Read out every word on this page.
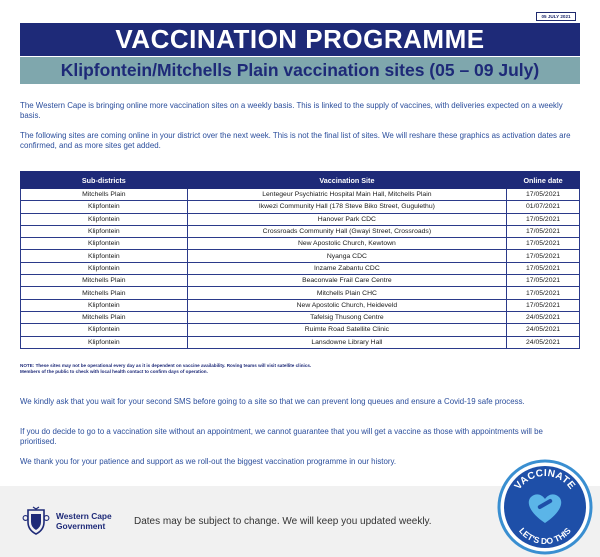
05 JULY 2021
VACCINATION PROGRAMME
Klipfontein/Mitchells Plain vaccination sites (05 – 09 July)
The Western Cape is bringing online more vaccination sites on a weekly basis. This is linked to the supply of vaccines, with deliveries expected on a weekly basis.
The following sites are coming online in your district over the next week. This is not the final list of sites. We will reshare these graphics as activation dates are confirmed, and as more sites get added.
Sub-districts	Vaccination Site	Online date
Mitchells Plain	Lentegeur Psychiatric Hospital Main Hall, Mitchells Plain	17/05/2021
Klipfontein	Ikwezi Community Hall (178 Steve Biko Street, Gugulethu)	01/07/2021
Klipfontein	Hanover Park CDC	17/05/2021
Klipfontein	Crossroads Community Hall (Gwayi Street, Crossroads)	17/05/2021
Klipfontein	New Apostolic Church, Kewtown	17/05/2021
Klipfontein	Nyanga CDC	17/05/2021
Klipfontein	Inzame Zabantu CDC	17/05/2021
Mitchells Plain	Beaconvale Frail Care Centre	17/05/2021
Mitchells Plain	Mitchells Plain CHC	17/05/2021
Klipfontein	New Apostolic Church, Heideveld	17/05/2021
Mitchells Plain	Tafelsig Thusong Centre	24/05/2021
Klipfontein	Ruimte Road Satellite Clinic	24/05/2021
Klipfontein	Lansdowne Library Hall	24/05/2021
NOTE: These sites may not be operational every day as it is dependent on vaccine availability. Roving teams will visit satellite clinics.
Members of the public to check with local health contact to confirm days of operation.
We kindly ask that you wait for your second SMS before going to a site so that we can prevent long queues and ensure a Covid-19 safe process.
If you do decide to go to a vaccination site without an appointment, we cannot guarantee that you will get a vaccine as those with appointments will be prioritised.
We thank you for your patience and support as we roll-out the biggest vaccination programme in our history.
Western Cape
Government	Dates may be subject to change. We will keep you updated weekly.
VACCINATE
LET'S DO THIS
